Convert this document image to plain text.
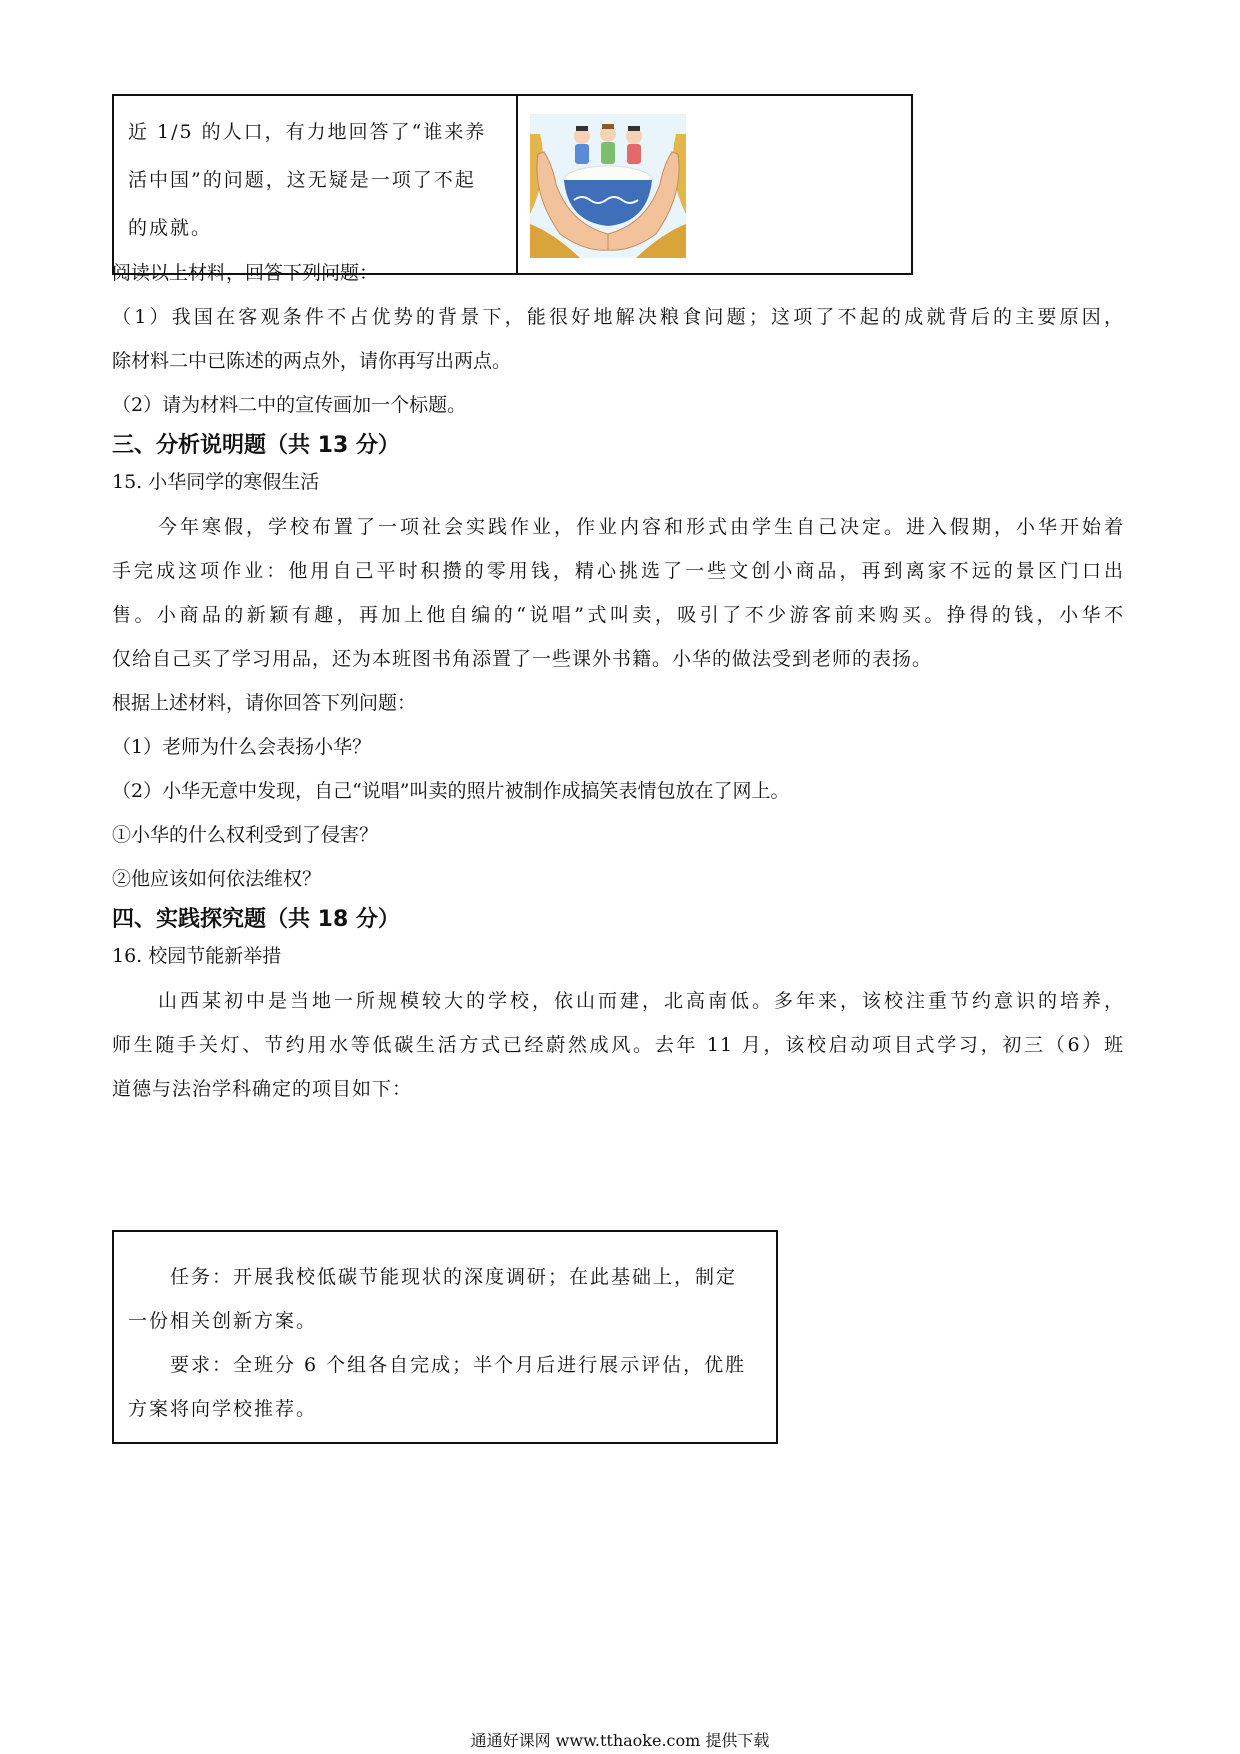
近 1/5 的人口，有力地回答了“谁来养
活中国”的问题，这无疑是一项了不起
的成就。
阅读以上材料，回答下列问题：
（1）我国在客观条件不占优势的背景下，能很好地解决粮食问题；这项了不起的成就背后的主要原因，
除材料二中已陈述的两点外，请你再写出两点。
（2）请为材料二中的宣传画加一个标题。
三、分析说明题（共 13 分）
15. 小华同学的寒假生活
今年寒假，学校布置了一项社会实践作业，作业内容和形式由学生自己决定。进入假期，小华开始着
手完成这项作业：他用自己平时积攒的零用钱，精心挑选了一些文创小商品，再到离家不远的景区门口出
售。小商品的新颖有趣，再加上他自编的“说唱”式叫卖，吸引了不少游客前来购买。挣得的钱，小华不
仅给自己买了学习用品，还为本班图书角添置了一些课外书籍。小华的做法受到老师的表扬。
根据上述材料，请你回答下列问题：
（1）老师为什么会表扬小华？
（2）小华无意中发现，自己“说唱”叫卖的照片被制作成搞笑表情包放在了网上。
①小华的什么权利受到了侵害？
②他应该如何依法维权？
四、实践探究题（共 18 分）
16. 校园节能新举措
山西某初中是当地一所规模较大的学校，依山而建，北高南低。多年来，该校注重节约意识的培养，
师生随手关灯、节约用水等低碳生活方式已经蔚然成风。去年 11 月，该校启动项目式学习，初三（6）班
道德与法治学科确定的项目如下：
任务：开展我校低碳节能现状的深度调研；在此基础上，制定
一份相关创新方案。
要求：全班分 6 个组各自完成；半个月后进行展示评估，优胜
方案将向学校推荐。
通通好课网 www.tthaoke.com 提供下载
